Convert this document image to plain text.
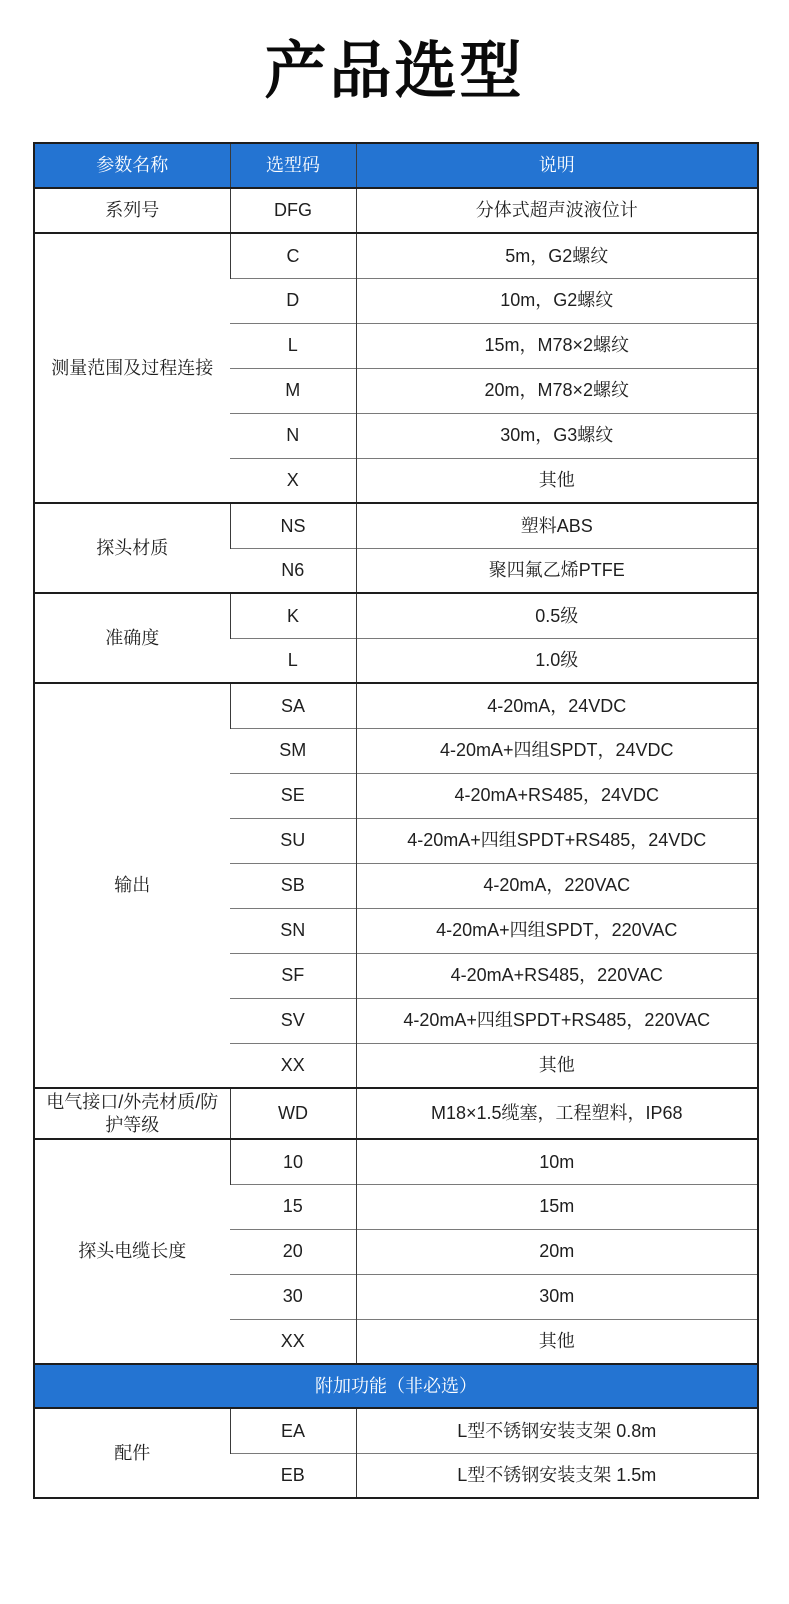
产品选型
参数名称	选型码	说明
系列号	DFG	分体式超声波液位计
测量范围及过程连接	C	5m，G2螺纹
	D	10m，G2螺纹
	L	15m，M78×2螺纹
	M	20m，M78×2螺纹
	N	30m，G3螺纹
	X	其他
探头材质	NS	塑料ABS
	N6	聚四氟乙烯PTFE
准确度	K	0.5级
	L	1.0级
输出	SA	4-20mA，24VDC
	SM	4-20mA+四组SPDT，24VDC
	SE	4-20mA+RS485，24VDC
	SU	4-20mA+四组SPDT+RS485，24VDC
	SB	4-20mA，220VAC
	SN	4-20mA+四组SPDT，220VAC
	SF	4-20mA+RS485，220VAC
	SV	4-20mA+四组SPDT+RS485，220VAC
	XX	其他
电气接口/外壳材质/防护等级	WD	M18×1.5缆塞，工程塑料，IP68
探头电缆长度	10	10m
	15	15m
	20	20m
	30	30m
	XX	其他
附加功能（非必选）		
配件	EA	L型不锈钢安装支架 0.8m
	EB	L型不锈钢安装支架 1.5m
